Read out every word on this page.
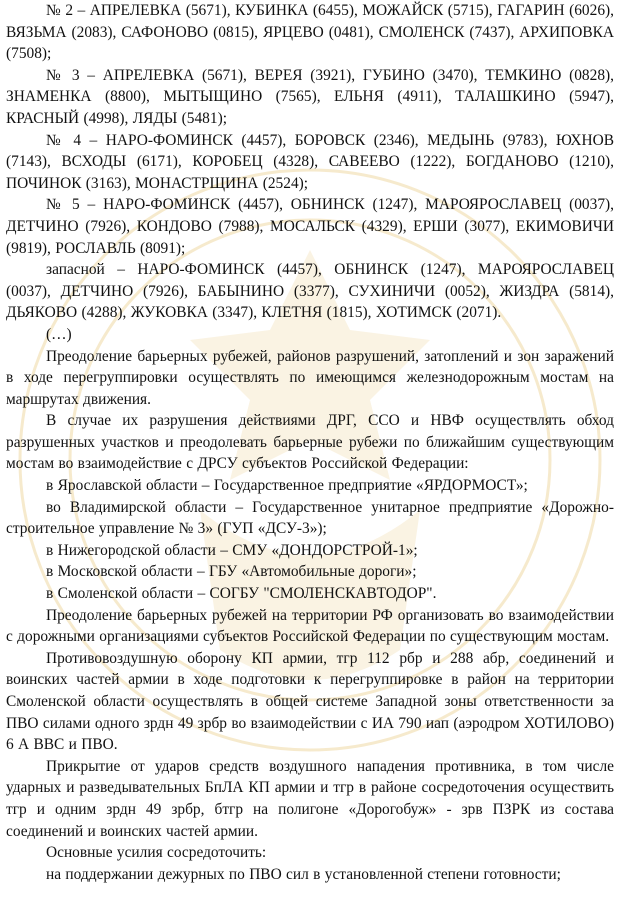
№ 2 – АПРЕЛЕВКА (5671), КУБИНКА (6455), МОЖАЙСК (5715), ГАГАРИН (6026), ВЯЗЬМА (2083), САФОНОВО (0815), ЯРЦЕВО (0481), СМОЛЕНСК (7437), АРХИПОВКА (7508);

№ 3 – АПРЕЛЕВКА (5671), ВЕРЕЯ (3921), ГУБИНО (3470), ТЕМКИНО (0828), ЗНАМЕНКА (8800), МЫТЫЩИНО (7565), ЕЛЬНЯ (4911), ТАЛАШКИНО (5947), КРАСНЫЙ (4998), ЛЯДЫ (5481);

№ 4 – НАРО-ФОМИНСК (4457), БОРОВСК (2346), МЕДЫНЬ (9783), ЮХНОВ (7143), ВСХОДЫ (6171), КОРОБЕЦ (4328), САВЕЕВО (1222), БОГДАНОВО (1210), ПОЧИНОК (3163), МОНАСТРЩИНА (2524);

№ 5 – НАРО-ФОМИНСК (4457), ОБНИНСК (1247), МАРОЯРОСЛАВЕЦ (0037), ДЕТЧИНО (7926), КОНДОВО (7988), МОСАЛЬСК (4329), ЕРШИ (3077), ЕКИМОВИЧИ (9819), РОСЛАВЛЬ (8091);

запасной – НАРО-ФОМИНСК (4457), ОБНИНСК (1247), МАРОЯРОСЛАВЕЦ (0037), ДЕТЧИНО (7926), БАБЫНИНО (3377), СУХИНИЧИ (0052), ЖИЗДРА (5814), ДЬЯКОВО (4288), ЖУКОВКА (3347), КЛЕТНЯ (1815), ХОТИМСК (2071).

(…)

Преодоление барьерных рубежей, районов разрушений, затоплений и зон заражений в ходе перегруппировки осуществлять по имеющимся железнодорожным мостам на маршрутах движения.

В случае их разрушения действиями ДРГ, ССО и НВФ осуществлять обход разрушенных участков и преодолевать барьерные рубежи по ближайшим существующим мостам во взаимодействие с ДРСУ субъектов Российской Федерации:

в Ярославской области – Государственное предприятие «ЯРДОРМОСТ»;

во Владимирской области – Государственное унитарное предприятие «Дорожно-строительное управление № 3» (ГУП «ДСУ-3»);

в Нижегородской области – СМУ «ДОНДОРСТРОЙ-1»;

в Московской области – ГБУ «Автомобильные дороги»;

в Смоленской области – СОГБУ "СМОЛЕНСКАВТОДОР".

Преодоление барьерных рубежей на территории РФ организовать во взаимодействии с дорожными организациями субъектов Российской Федерации по существующим мостам.

Противовоздушную оборону КП армии, тгр 112 рбр и 288 абр, соединений и воинских частей армии в ходе подготовки к перегруппировке в район на территории Смоленской области осуществлять в общей системе Западной зоны ответственности за ПВО силами одного зрдн 49 зрбр во взаимодействии с ИА 790 иап (аэродром ХОТИЛОВО) 6 А ВВС и ПВО.

Прикрытие от ударов средств воздушного нападения противника, в том числе ударных и разведывательных БпЛА КП армии и тгр в районе сосредоточения осуществить тгр и одним зрдн 49 зрбр, бтгр на полигоне «Дорогобуж» - зрв ПЗРК из состава соединений и воинских частей армии.

Основные усилия сосредоточить:

на поддержании дежурных по ПВО сил в установленной степени готовности;
